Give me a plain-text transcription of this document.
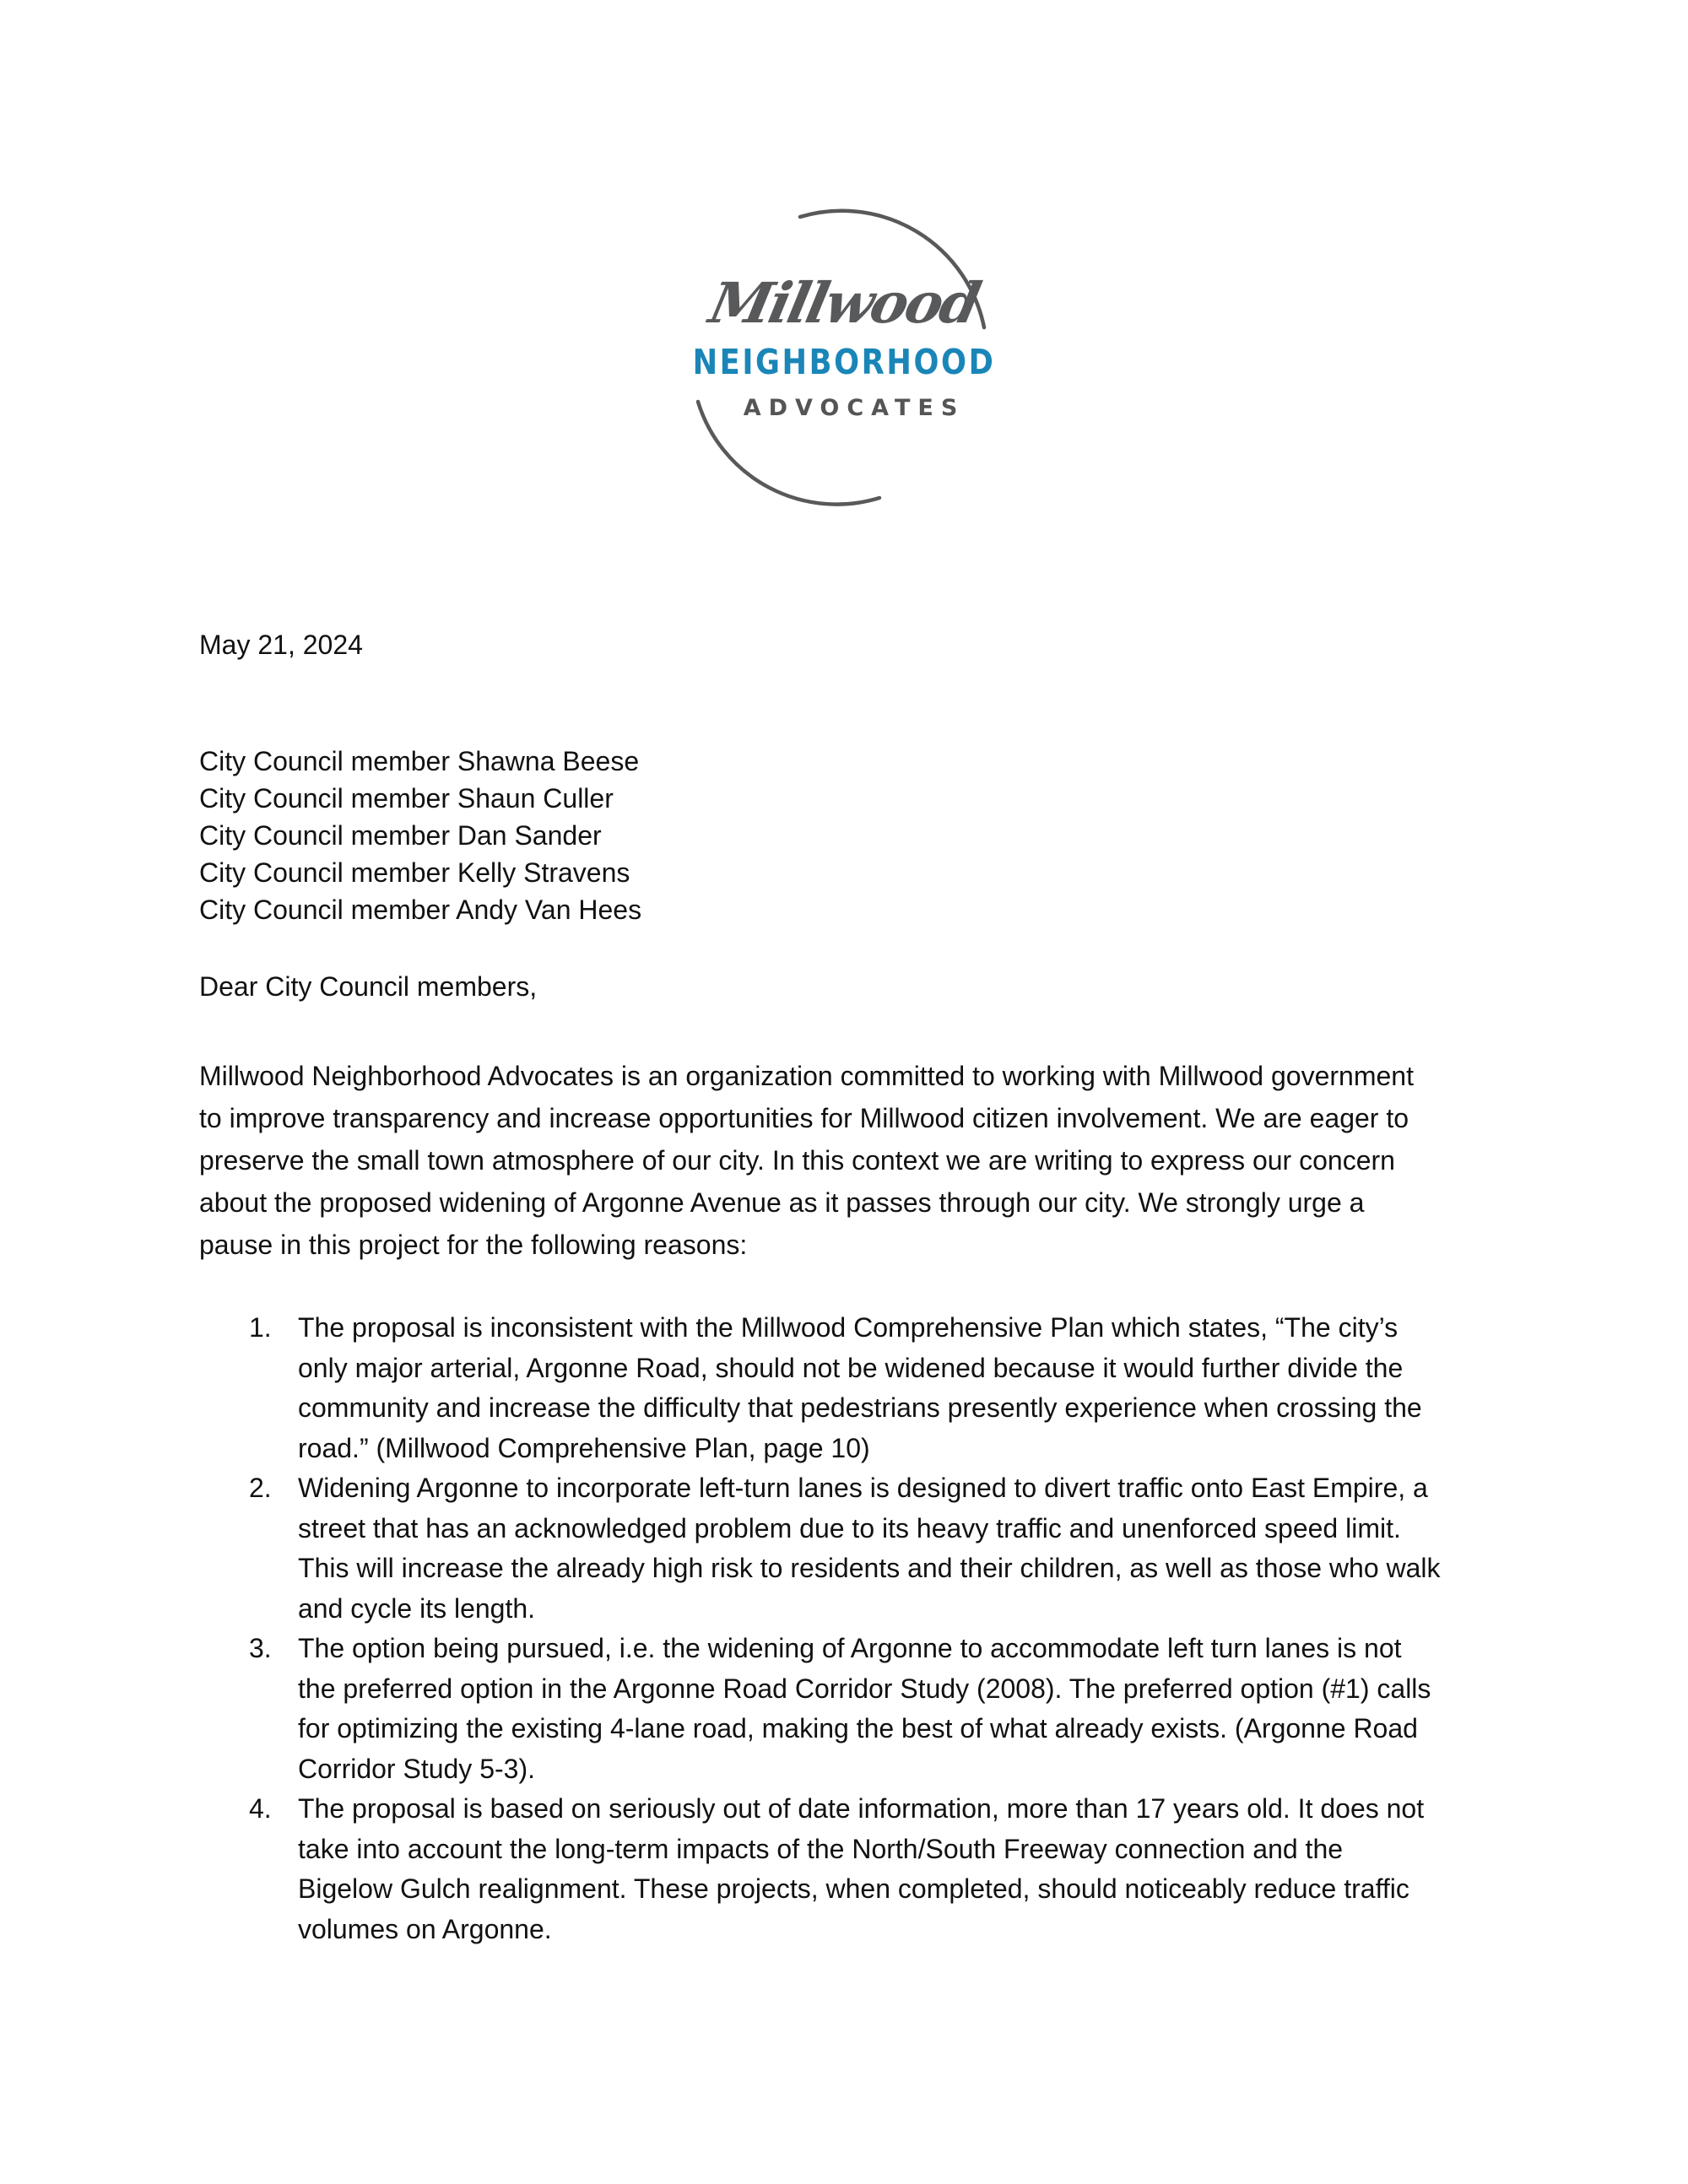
Millwood
NEIGHBORHOOD
ADVOCATES
May 21, 2024
City Council member Shawna Beese
City Council member Shaun Culler
City Council member Dan Sander
City Council member Kelly Stravens
City Council member Andy Van Hees
Dear City Council members,
Millwood Neighborhood Advocates is an organization committed to working with Millwood government
to improve transparency and increase opportunities for Millwood citizen involvement. We are eager to
preserve the small town atmosphere of our city. In this context we are writing to express our concern
about the proposed widening of Argonne Avenue as it passes through our city. We strongly urge a
pause in this project for the following reasons:
1. The proposal is inconsistent with the Millwood Comprehensive Plan which states, “The city’s
only major arterial, Argonne Road, should not be widened because it would further divide the
community and increase the difficulty that pedestrians presently experience when crossing the
road.” (Millwood Comprehensive Plan, page 10)
2. Widening Argonne to incorporate left-turn lanes is designed to divert traffic onto East Empire, a
street that has an acknowledged problem due to its heavy traffic and unenforced speed limit.
This will increase the already high risk to residents and their children, as well as those who walk
and cycle its length.
3. The option being pursued, i.e. the widening of Argonne to accommodate left turn lanes is not
the preferred option in the Argonne Road Corridor Study (2008). The preferred option (#1) calls
for optimizing the existing 4-lane road, making the best of what already exists. (Argonne Road
Corridor Study 5-3).
4. The proposal is based on seriously out of date information, more than 17 years old. It does not
take into account the long-term impacts of the North/South Freeway connection and the
Bigelow Gulch realignment. These projects, when completed, should noticeably reduce traffic
volumes on Argonne.
